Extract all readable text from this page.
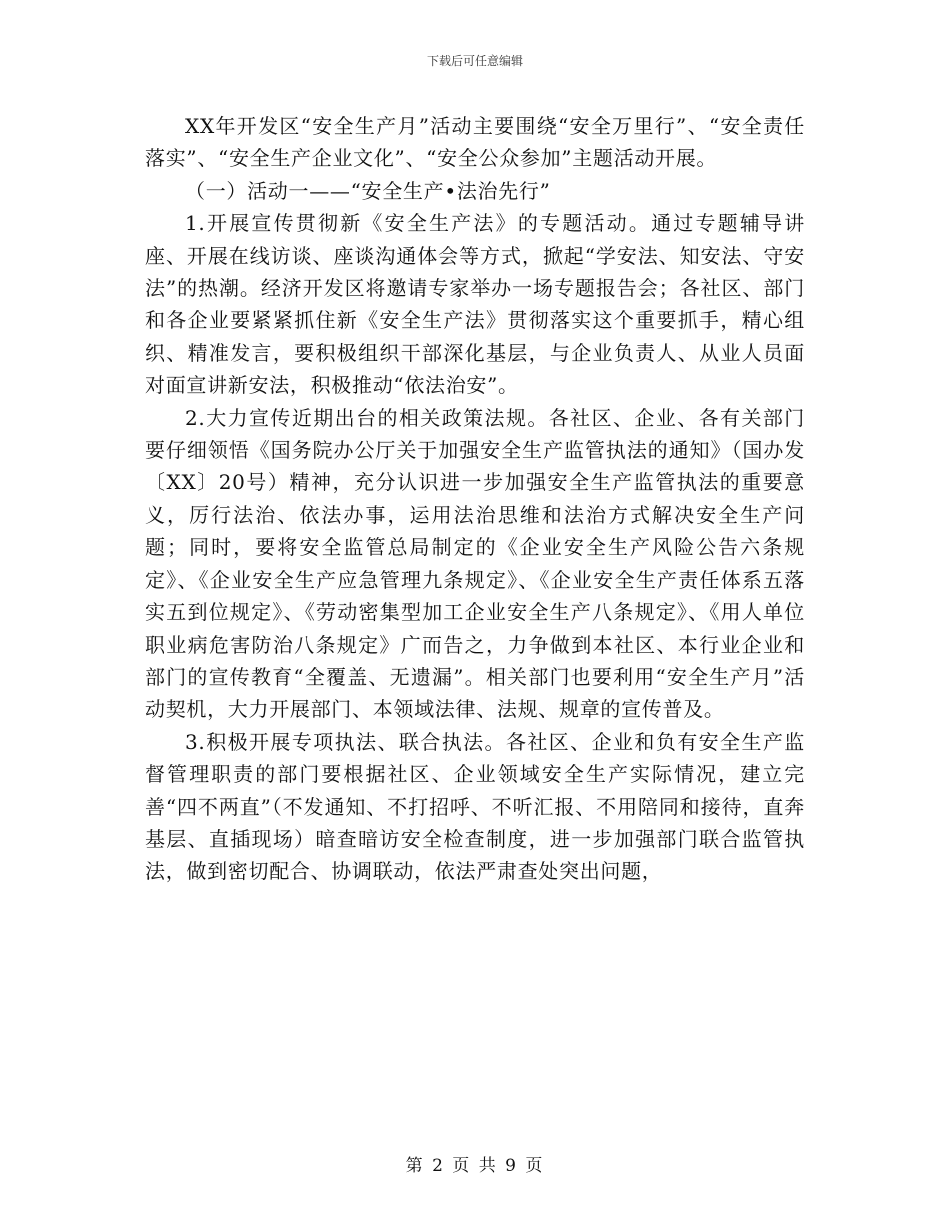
下载后可任意编辑

XX年开发区“安全生产月”活动主要围绕“安全万里行”、“安全责任落实”、“安全生产企业文化”、“安全公众参加”主题活动开展。

（一）活动一——“安全生产•法治先行”

1.开展宣传贯彻新《安全生产法》的专题活动。通过专题辅导讲座、开展在线访谈、座谈沟通体会等方式，掀起“学安法、知安法、守安法”的热潮。经济开发区将邀请专家举办一场专题报告会；各社区、部门和各企业要紧紧抓住新《安全生产法》贯彻落实这个重要抓手，精心组织、精准发言，要积极组织干部深化基层，与企业负责人、从业人员面对面宣讲新安法，积极推动“依法治安”。

2.大力宣传近期出台的相关政策法规。各社区、企业、各有关部门要仔细领悟《国务院办公厅关于加强安全生产监管执法的通知》（国办发〔XX〕20号）精神，充分认识进一步加强安全生产监管执法的重要意义，厉行法治、依法办事，运用法治思维和法治方式解决安全生产问题；同时，要将安全监管总局制定的《企业安全生产风险公告六条规定》、《企业安全生产应急管理九条规定》、《企业安全生产责任体系五落实五到位规定》、《劳动密集型加工企业安全生产八条规定》、《用人单位职业病危害防治八条规定》广而告之，力争做到本社区、本行业企业和部门的宣传教育“全覆盖、无遗漏”。相关部门也要利用“安全生产月”活动契机，大力开展部门、本领域法律、法规、规章的宣传普及。

3.积极开展专项执法、联合执法。各社区、企业和负有安全生产监督管理职责的部门要根据社区、企业领域安全生产实际情况，建立完善“四不两直”（不发通知、不打招呼、不听汇报、不用陪同和接待，直奔基层、直插现场）暗查暗访安全检查制度，进一步加强部门联合监管执法，做到密切配合、协调联动，依法严肃查处突出问题，

第 2 页 共 9 页
